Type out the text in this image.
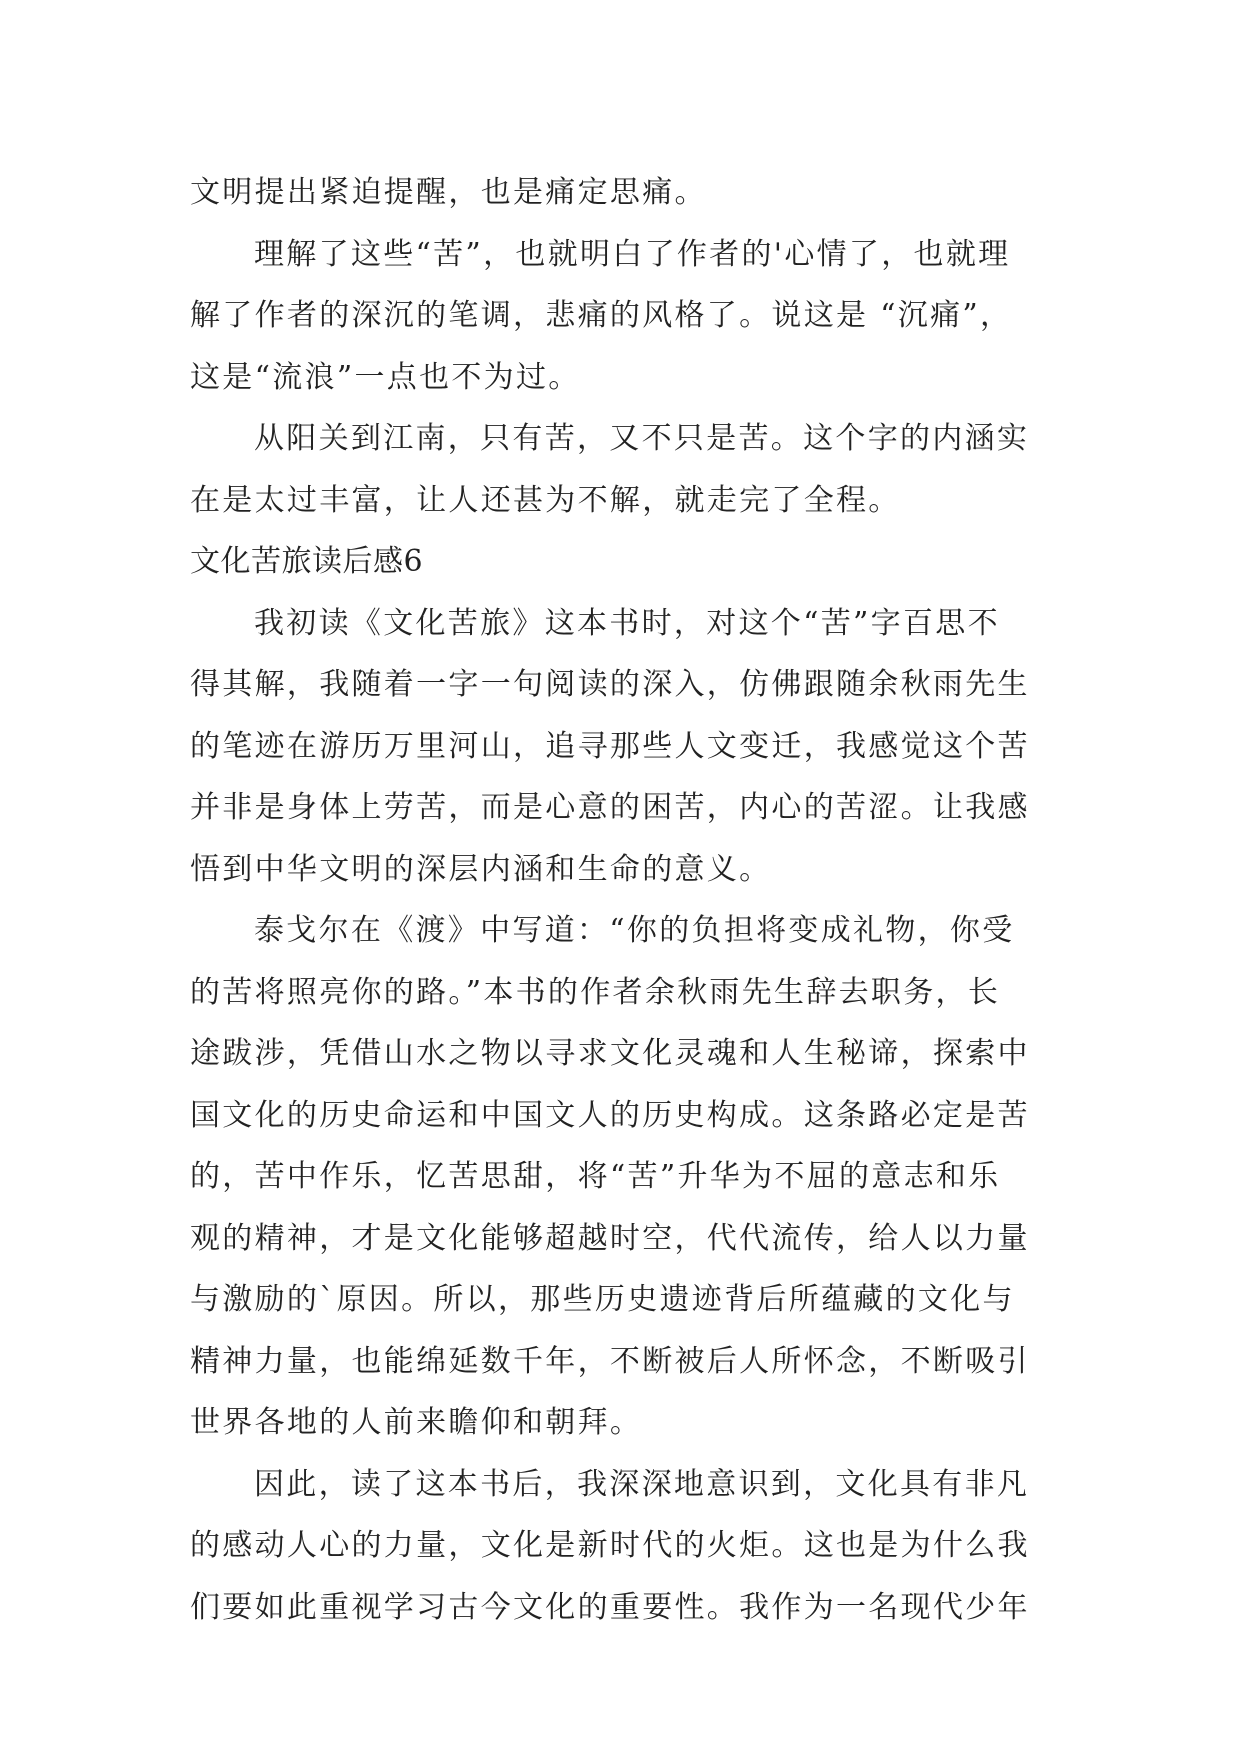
文明提出紧迫提醒，也是痛定思痛。
理解了这些“苦”，也就明白了作者的'心情了，也就理
解了作者的深沉的笔调，悲痛的风格了。说这是 “沉痛”，
这是“流浪”一点也不为过。
从阳关到江南，只有苦，又不只是苦。这个字的内涵实
在是太过丰富，让人还甚为不解，就走完了全程。
文化苦旅读后感6
我初读《文化苦旅》这本书时，对这个“苦”字百思不
得其解，我随着一字一句阅读的深入，仿佛跟随余秋雨先生
的笔迹在游历万里河山，追寻那些人文变迁，我感觉这个苦
并非是身体上劳苦，而是心意的困苦，内心的苦涩。让我感
悟到中华文明的深层内涵和生命的意义。
泰戈尔在《渡》中写道：“你的负担将变成礼物，你受
的苦将照亮你的路。”本书的作者余秋雨先生辞去职务，长
途跋涉，凭借山水之物以寻求文化灵魂和人生秘谛，探索中
国文化的历史命运和中国文人的历史构成。这条路必定是苦
的，苦中作乐，忆苦思甜，将“苦”升华为不屈的意志和乐
观的精神，才是文化能够超越时空，代代流传，给人以力量
与激励的`原因。所以，那些历史遗迹背后所蕴藏的文化与
精神力量，也能绵延数千年，不断被后人所怀念，不断吸引
世界各地的人前来瞻仰和朝拜。
因此，读了这本书后，我深深地意识到，文化具有非凡
的感动人心的力量，文化是新时代的火炬。这也是为什么我
们要如此重视学习古今文化的重要性。我作为一名现代少年
